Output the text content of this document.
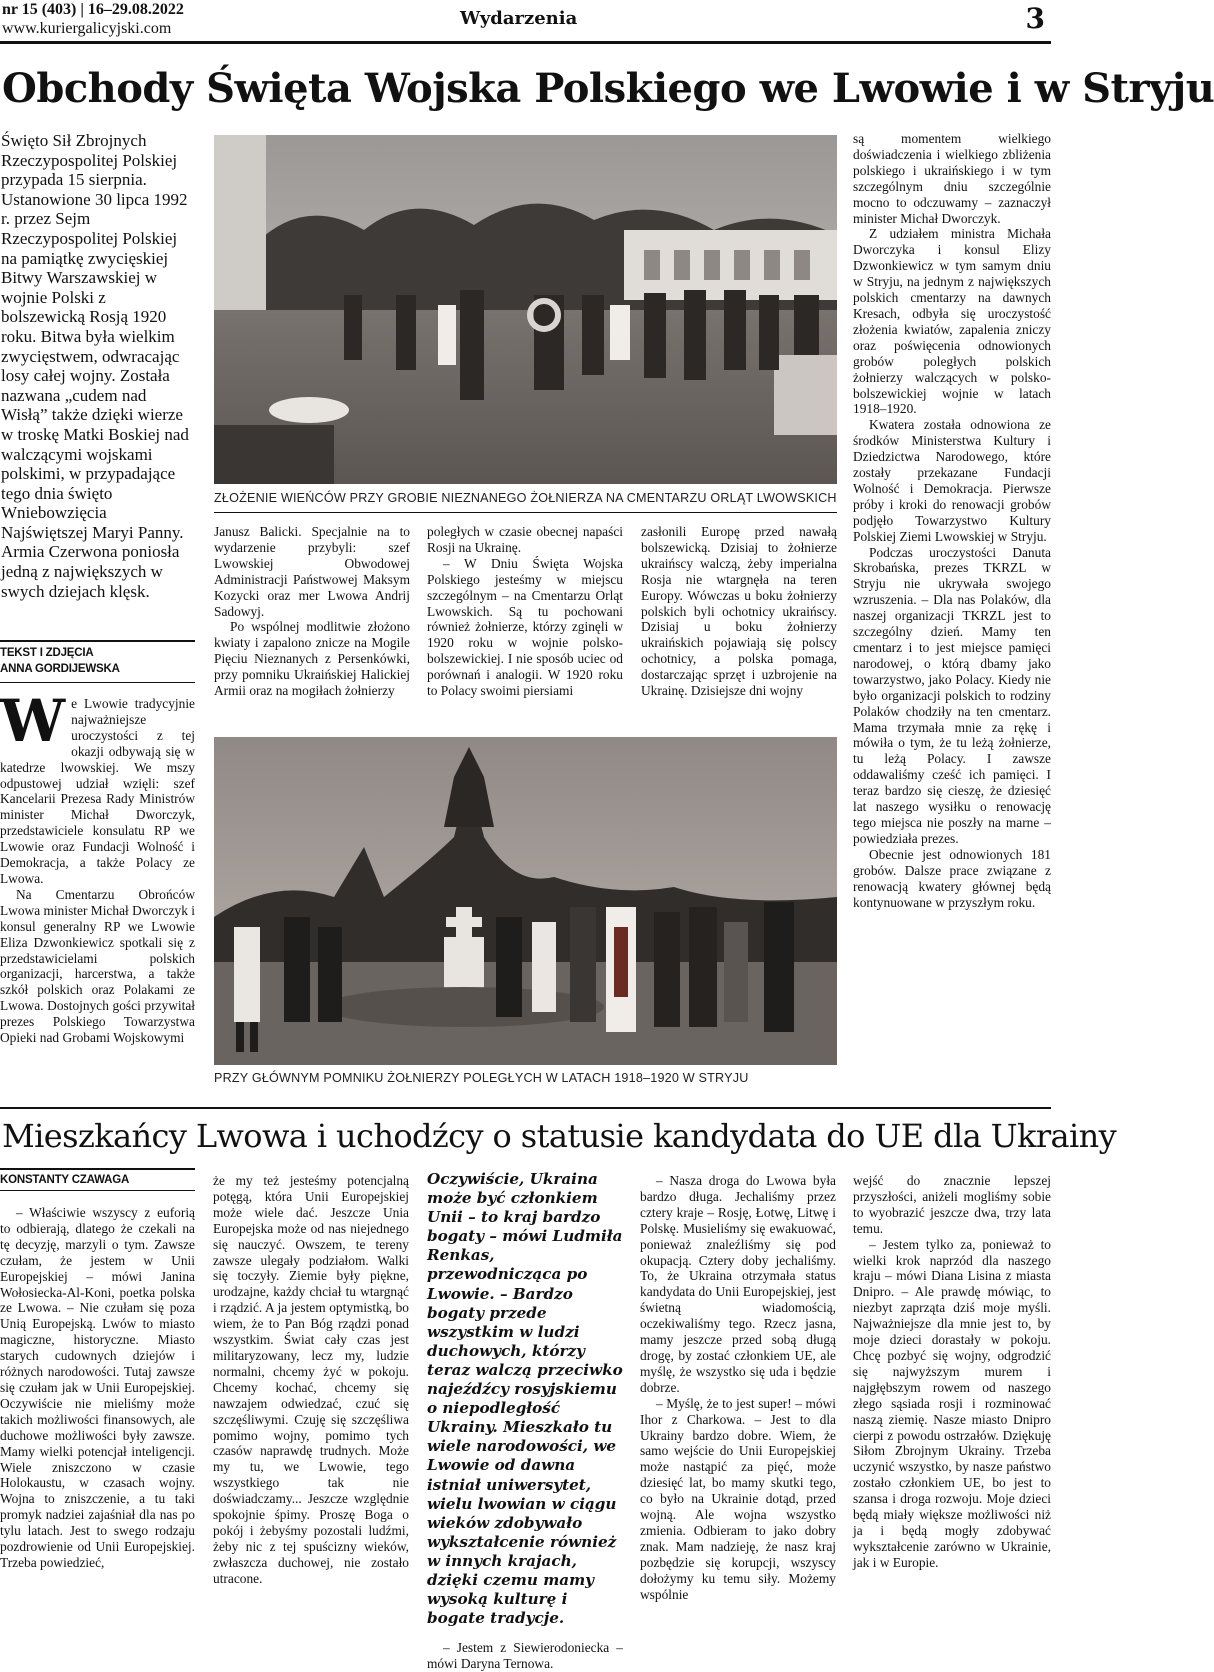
nr 15 (403) | 16–29.08.2022
www.kuriergalicyjski.com	Wydarzenia	3
Obchody Święta Wojska Polskiego we Lwowie i w Stryju
Święto Sił Zbrojnych Rzeczypospolitej Polskiej przypada 15 sierpnia. Ustanowione 30 lipca 1992 r. przez Sejm Rzeczypospolitej Polskiej na pamiątkę zwycięskiej Bitwy Warszawskiej w wojnie Polski z bolszewicką Rosją 1920 roku. Bitwa była wielkim zwycięstwem, odwracając losy całej wojny. Została nazwana „cudem nad Wisłą” także dzięki wierze w troskę Matki Boskiej nad walczącymi wojskami polskimi, w przypadające tego dnia święto Wniebowzięcia Najświętszej Maryi Panny. Armia Czerwona poniosła jedną z największych w swych dziejach klęsk.
TEKST I ZDJĘCIA
ANNA GORDIJEWSKA

We Lwowie tradycyjnie najważniejsze uroczystości z tej okazji odbywają się w katedrze lwowskiej. We mszy odpustowej udział wzięli: szef Kancelarii Prezesa Rady Ministrów minister Michał Dworczyk, przedstawiciele konsulatu RP we Lwowie oraz Fundacji Wolność i Demokracja, a także Polacy ze Lwowa.

Na Cmentarzu Obrońców Lwowa minister Michał Dworczyk i konsul generalny RP we Lwowie Eliza Dzwonkiewicz spotkali się z przedstawicielami polskich organizacji, harcerstwa, a także szkół polskich oraz Polakami ze Lwowa. Dostojnych gości przywitał prezes Polskiego Towarzystwa Opieki nad Grobami Wojskowymi

ZŁOŻENIE WIEŃCÓW PRZY GROBIE NIEZNANEGO ŻOŁNIERZA NA CMENTARZU ORLĄT LWOWSKICH

Janusz Balicki. Specjalnie na to wydarzenie przybyli: szef Lwowskiej Obwodowej Administracji Państwowej Maksym Kozycki oraz mer Lwowa Andrij Sadowyj.

Po wspólnej modlitwie złożono kwiaty i zapalono znicze na Mogile Pięciu Nieznanych z Persenkówki, przy pomniku Ukraińskiej Halickiej Armii oraz na mogiłach żołnierzy

poległych w czasie obecnej napaści Rosji na Ukrainę.

– W Dniu Święta Wojska Polskiego jesteśmy w miejscu szczególnym – na Cmentarzu Orląt Lwowskich. Są tu pochowani również żołnierze, którzy zginęli w 1920 roku w wojnie polsko-bolszewickiej. I nie sposób uciec od porównań i analogii. W 1920 roku to Polacy swoimi piersiami

zasłonili Europę przed nawałą bolszewicką. Dzisiaj to żołnierze ukraińscy walczą, żeby imperialna Rosja nie wtargnęła na teren Europy. Wówczas u boku żołnierzy polskich byli ochotnicy ukraińscy. Dzisiaj u boku żołnierzy ukraińskich pojawiają się polscy ochotnicy, a polska pomaga, dostarczając sprzęt i uzbrojenie na Ukrainę. Dzisiejsze dni wojny

PRZY GŁÓWNYM POMNIKU ŻOŁNIERZY POLEGŁYCH W LATACH 1918–1920 W STRYJU

są momentem wielkiego doświadczenia i wielkiego zbliżenia polskiego i ukraińskiego i w tym szczególnym dniu szczególnie mocno to odczuwamy – zaznaczył minister Michał Dworczyk.

Z udziałem ministra Michała Dworczyka i konsul Elizy Dzwonkiewicz w tym samym dniu w Stryju, na jednym z największych polskich cmentarzy na dawnych Kresach, odbyła się uroczystość złożenia kwiatów, zapalenia zniczy oraz poświęcenia odnowionych grobów poległych polskich żołnierzy walczących w polsko-bolszewickiej wojnie w latach 1918–1920.

Kwatera została odnowiona ze środków Ministerstwa Kultury i Dziedzictwa Narodowego, które zostały przekazane Fundacji Wolność i Demokracja. Pierwsze próby i kroki do renowacji grobów podjęło Towarzystwo Kultury Polskiej Ziemi Lwowskiej w Stryju.

Podczas uroczystości Danuta Skrobańska, prezes TKRZL w Stryju nie ukrywała swojego wzruszenia. – Dla nas Polaków, dla naszej organizacji TKRZL jest to szczególny dzień. Mamy ten cmentarz i to jest miejsce pamięci narodowej, o którą dbamy jako towarzystwo, jako Polacy. Kiedy nie było organizacji polskich to rodziny Polaków chodziły na ten cmentarz. Mama trzymała mnie za rękę i mówiła o tym, że tu leżą żołnierze, tu leżą Polacy. I zawsze oddawaliśmy cześć ich pamięci. I teraz bardzo się cieszę, że dziesięć lat naszego wysiłku o renowację tego miejsca nie poszły na marne – powiedziała prezes.

Obecnie jest odnowionych 181 grobów. Dalsze prace związane z renowacją kwatery głównej będą kontynuowane w przyszłym roku.

Mieszkańcy Lwowa i uchodźcy o statusie kandydata do UE dla Ukrainy
KONSTANTY CZAWAGA

– Właściwie wszyscy z euforią to odbierają, dlatego że czekali na tę decyzję, marzyli o tym. Zawsze czułam, że jestem w Unii Europejskiej – mówi Janina Wołosiecka-Al-Koni, poetka polska ze Lwowa. – Nie czułam się poza Unią Europejską. Lwów to miasto magiczne, historyczne. Miasto starych cudownych dziejów i różnych narodowości. Tutaj zawsze się czułam jak w Unii Europejskiej. Oczywiście nie mieliśmy może takich możliwości finansowych, ale duchowe możliwości były zawsze. Mamy wielki potencjał inteligencji. Wiele zniszczono w czasie Holokaustu, w czasach wojny. Wojna to zniszczenie, a tu taki promyk nadziei zajaśniał dla nas po tylu latach. Jest to swego rodzaju pozdrowienie od Unii Europejskiej. Trzeba powiedzieć,

że my też jesteśmy potencjalną potęgą, która Unii Europejskiej może wiele dać. Jeszcze Unia Europejska może od nas niejednego się nauczyć. Owszem, te tereny zawsze ulegały podziałom. Walki się toczyły. Ziemie były piękne, urodzajne, każdy chciał tu wtargnąć i rządzić. A ja jestem optymistką, bo wiem, że to Pan Bóg rządzi ponad wszystkim. Świat cały czas jest militaryzowany, lecz my, ludzie normalni, chcemy żyć w pokoju. Chcemy kochać, chcemy się nawzajem odwiedzać, czuć się szczęśliwymi. Czuję się szczęśliwa pomimo wojny, pomimo tych czasów naprawdę trudnych. Może my tu, we Lwowie, tego wszystkiego tak nie doświadczamy... Jeszcze względnie spokojnie śpimy. Proszę Boga o pokój i żebyśmy pozostali ludźmi, żeby nic z tej spuścizny wieków, zwłaszcza duchowej, nie zostało utracone.

Oczywiście, Ukraina może być członkiem Unii – to kraj bardzo bogaty – mówi Ludmiła Renkas, przewodnicząca po Lwowie. – Bardzo bogaty przede wszystkim w ludzi duchowych, którzy teraz walczą przeciwko najeźdźcy rosyjskiemu o niepodległość Ukrainy. Mieszkało tu wiele narodowości, we Lwowie od dawna istniał uniwersytet, wielu lwowian w ciągu wieków zdobywało wykształcenie również w innych krajach, dzięki czemu mamy wysoką kulturę i bogate tradycje.

– Jestem z Siewierodoniecka – mówi Daryna Ternowa.

– Nasza droga do Lwowa była bardzo długa. Jechaliśmy przez cztery kraje – Rosję, Łotwę, Litwę i Polskę. Musieliśmy się ewakuować, ponieważ znaleźliśmy się pod okupacją. Cztery doby jechaliśmy. To, że Ukraina otrzymała status kandydata do Unii Europejskiej, jest świetną wiadomością, oczekiwaliśmy tego. Rzecz jasna, mamy jeszcze przed sobą długą drogę, by zostać członkiem UE, ale myślę, że wszystko się uda i będzie dobrze.

– Myślę, że to jest super! – mówi Ihor z Charkowa. – Jest to dla Ukrainy bardzo dobre. Wiem, że samo wejście do Unii Europejskiej może nastąpić za pięć, może dziesięć lat, bo mamy skutki tego, co było na Ukrainie dotąd, przed wojną. Ale wojna wszystko zmienia. Odbieram to jako dobry znak. Mam nadzieję, że nasz kraj pozbędzie się korupcji, wszyscy dołożymy ku temu siły. Możemy wspólnie

wejść do znacznie lepszej przyszłości, aniżeli mogliśmy sobie to wyobrazić jeszcze dwa, trzy lata temu.

– Jestem tylko za, ponieważ to wielki krok naprzód dla naszego kraju – mówi Diana Lisina z miasta Dnipro. – Ale prawdę mówiąc, to niezbyt zaprząta dziś moje myśli. Najważniejsze dla mnie jest to, by moje dzieci dorastały w pokoju. Chcę pozbyć się wojny, odgrodzić się najwyższym murem i najgłębszym rowem od naszego złego sąsiada rosji i rozminować naszą ziemię. Nasze miasto Dnipro cierpi z powodu ostrzałów. Dziękuję Siłom Zbrojnym Ukrainy. Trzeba uczynić wszystko, by nasze państwo zostało członkiem UE, bo jest to szansa i droga rozwoju. Moje dzieci będą miały większe możliwości niż ja i będą mogły zdobywać wykształcenie zarówno w Ukrainie, jak i w Europie.
